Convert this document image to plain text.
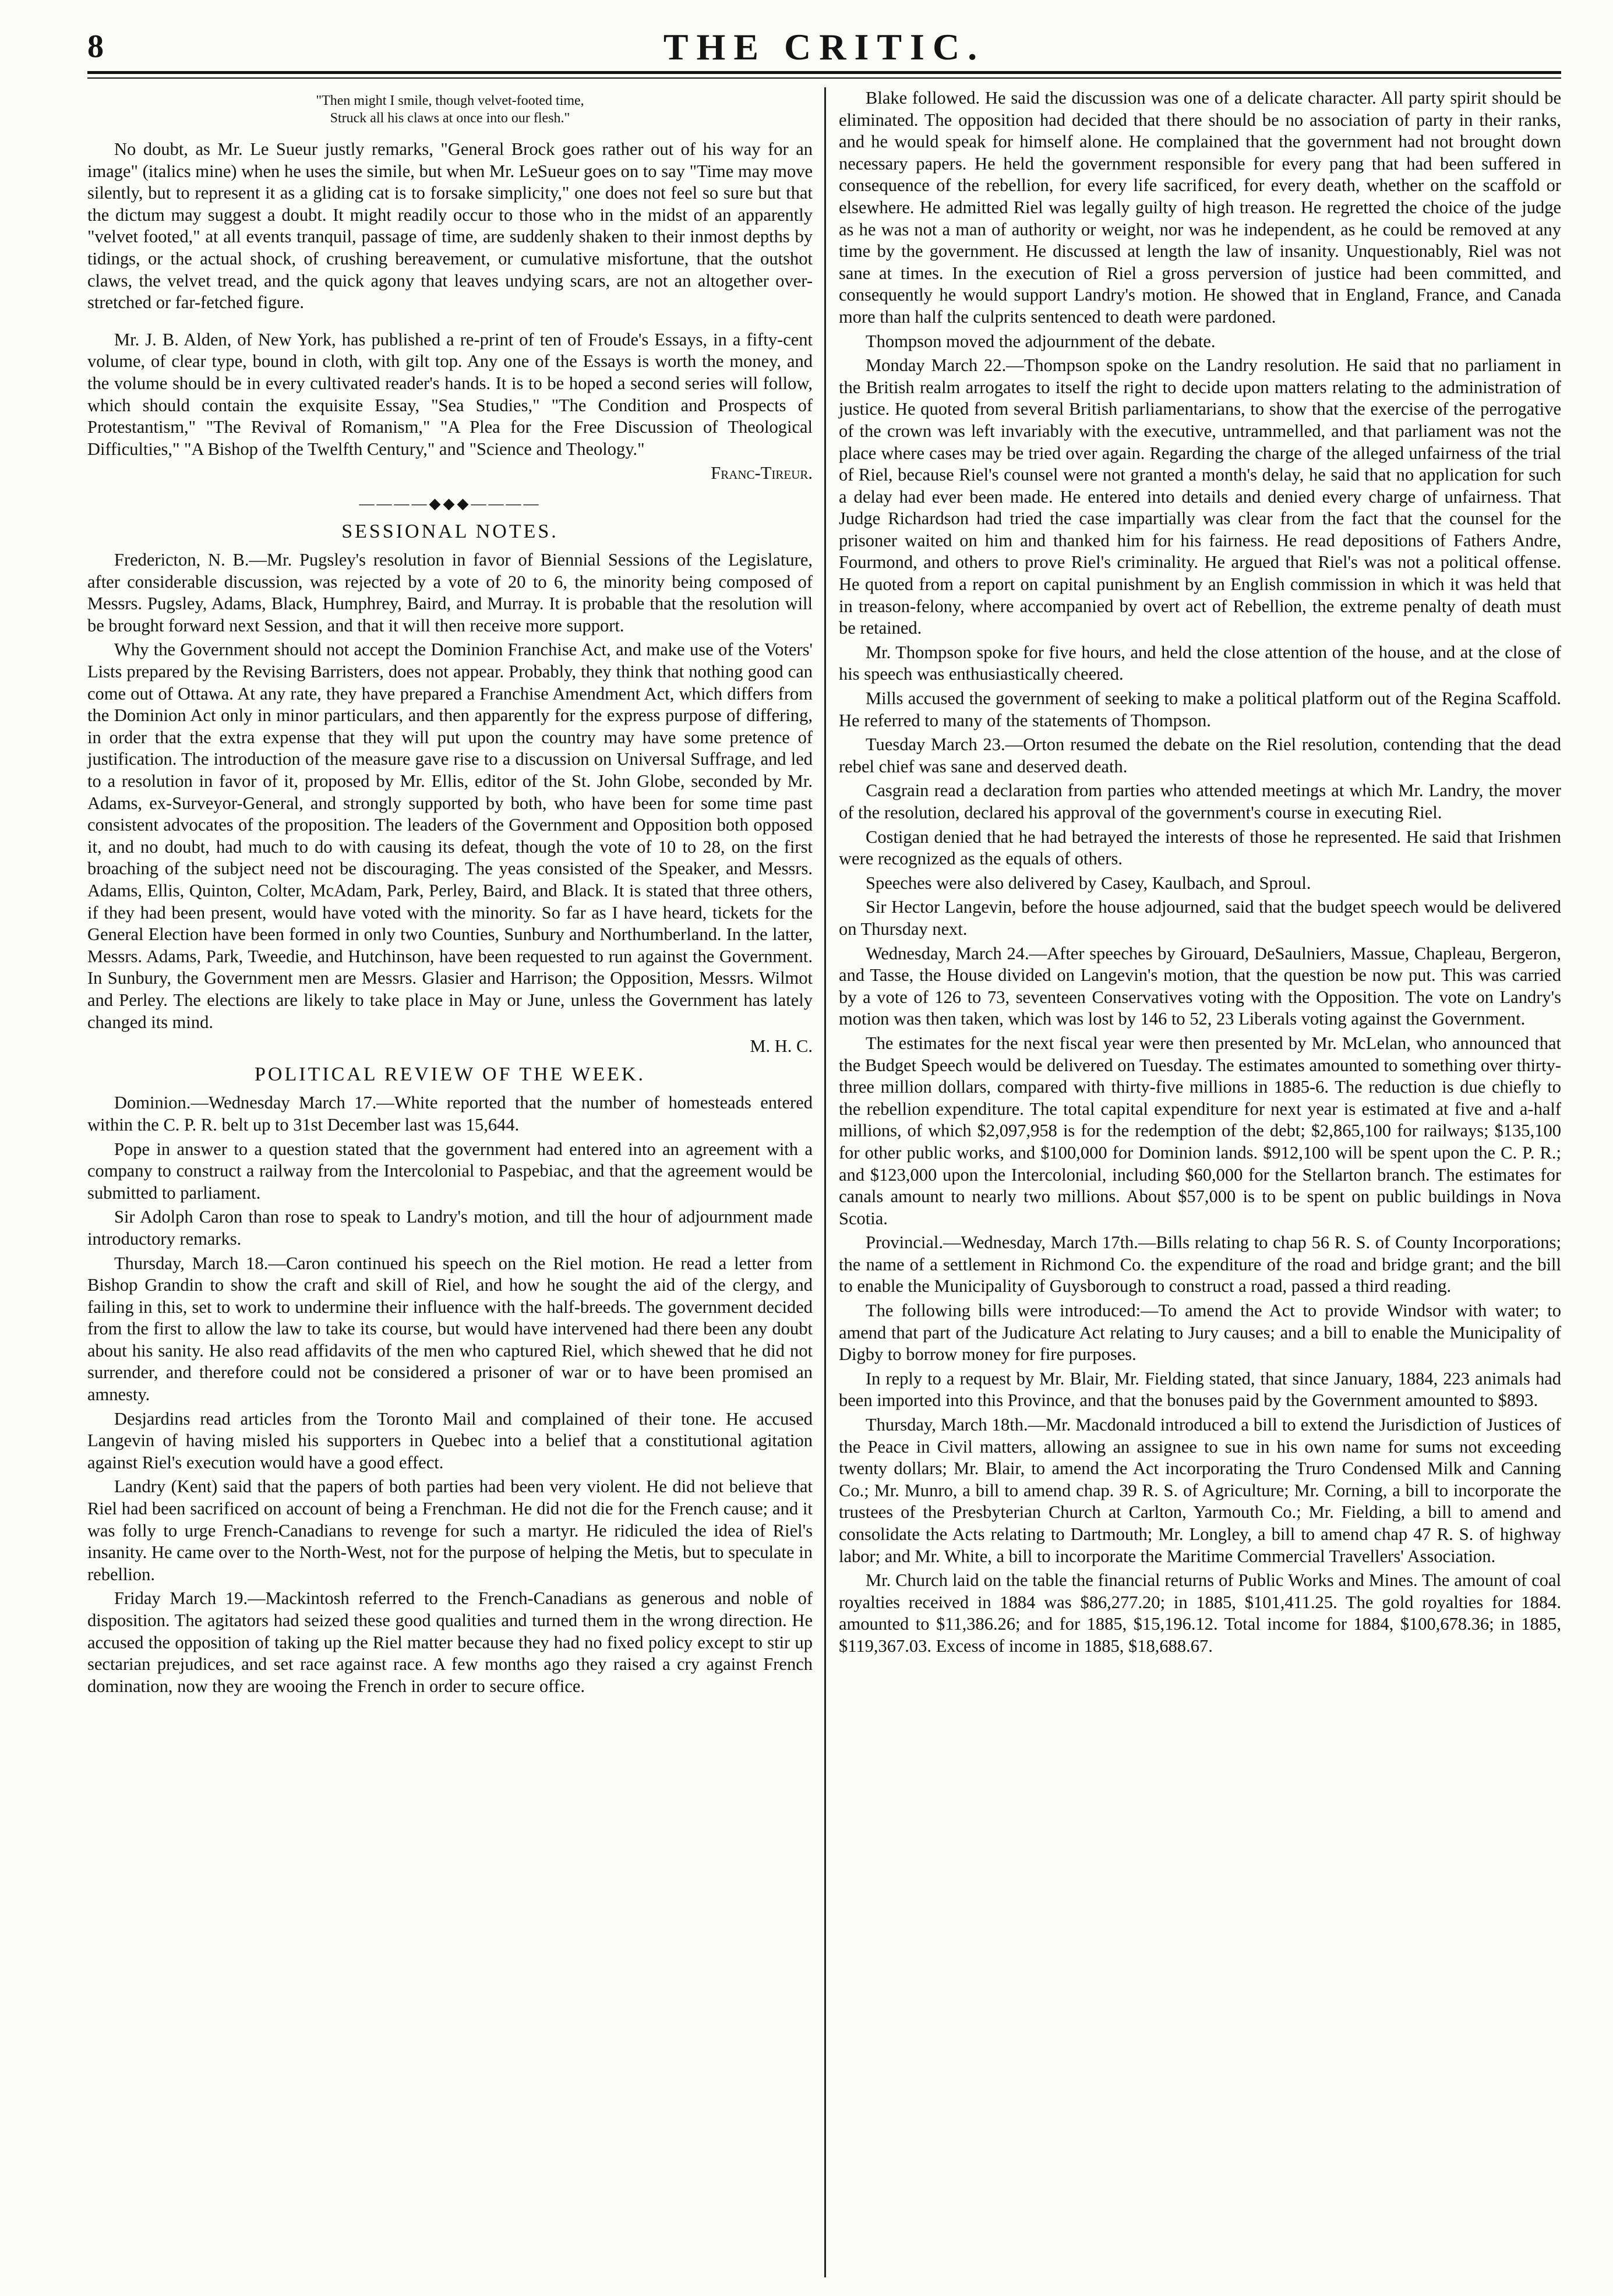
8	THE CRITIC.
"Then might I smile, though velvet-footed time,
Struck all his claws at once into our flesh."

No doubt, as Mr. Le Sueur justly remarks, "General Brock goes rather out of his way for an image" (italics mine) when he uses the simile, but when Mr. LeSueur goes on to say "Time may move silently, but to represent it as a gliding cat is to forsake simplicity," one does not feel so sure but that the dictum may suggest a doubt. It might readily occur to those who in the midst of an apparently "velvet footed," at all events tranquil, passage of time, are suddenly shaken to their inmost depths by tidings, or the actual shock, of crushing bereavement, or cumulative misfortune, that the outshot claws, the velvet tread, and the quick agony that leaves undying scars, are not an altogether over-stretched or far-fetched figure.

Mr. J. B. Alden, of New York, has published a re-print of ten of Froude's Essays, in a fifty-cent volume, of clear type, bound in cloth, with gilt top. Any one of the Essays is worth the money, and the volume should be in every cultivated reader's hands. It is to be hoped a second series will follow, which should contain the exquisite Essay, "Sea Studies," "The Condition and Prospects of Protestantism," "The Revival of Romanism," "A Plea for the Free Discussion of Theological Difficulties," "A Bishop of the Twelfth Century," and "Science and Theology."

Franc-Tireur.

————◆◆◆————
SESSIONAL NOTES.

Fredericton, N. B.—Mr. Pugsley's resolution in favor of Biennial Sessions of the Legislature, after considerable discussion, was rejected by a vote of 20 to 6, the minority being composed of Messrs. Pugsley, Adams, Black, Humphrey, Baird, and Murray. It is probable that the resolution will be brought forward next Session, and that it will then receive more support.

Why the Government should not accept the Dominion Franchise Act, and make use of the Voters' Lists prepared by the Revising Barristers, does not appear. Probably, they think that nothing good can come out of Ottawa. At any rate, they have prepared a Franchise Amendment Act, which differs from the Dominion Act only in minor particulars, and then apparently for the express purpose of differing, in order that the extra expense that they will put upon the country may have some pretence of justification. The introduction of the measure gave rise to a discussion on Universal Suffrage, and led to a resolution in favor of it, proposed by Mr. Ellis, editor of the St. John Globe, seconded by Mr. Adams, ex-Surveyor-General, and strongly supported by both, who have been for some time past consistent advocates of the proposition. The leaders of the Government and Opposition both opposed it, and no doubt, had much to do with causing its defeat, though the vote of 10 to 28, on the first broaching of the subject need not be discouraging. The yeas consisted of the Speaker, and Messrs. Adams, Ellis, Quinton, Colter, McAdam, Park, Perley, Baird, and Black. It is stated that three others, if they had been present, would have voted with the minority. So far as I have heard, tickets for the General Election have been formed in only two Counties, Sunbury and Northumberland. In the latter, Messrs. Adams, Park, Tweedie, and Hutchinson, have been requested to run against the Government. In Sunbury, the Government men are Messrs. Glasier and Harrison; the Opposition, Messrs. Wilmot and Perley. The elections are likely to take place in May or June, unless the Government has lately changed its mind.

M. H. C.

POLITICAL REVIEW OF THE WEEK.

Dominion.—Wednesday March 17.—White reported that the number of homesteads entered within the C. P. R. belt up to 31st December last was 15,644.

Pope in answer to a question stated that the government had entered into an agreement with a company to construct a railway from the Intercolonial to Paspebiac, and that the agreement would be submitted to parliament.

Sir Adolph Caron than rose to speak to Landry's motion, and till the hour of adjournment made introductory remarks.

Thursday, March 18.—Caron continued his speech on the Riel motion. He read a letter from Bishop Grandin to show the craft and skill of Riel, and how he sought the aid of the clergy, and failing in this, set to work to undermine their influence with the half-breeds. The government decided from the first to allow the law to take its course, but would have intervened had there been any doubt about his sanity. He also read affidavits of the men who captured Riel, which shewed that he did not surrender, and therefore could not be considered a prisoner of war or to have been promised an amnesty.

Desjardins read articles from the Toronto Mail and complained of their tone. He accused Langevin of having misled his supporters in Quebec into a belief that a constitutional agitation against Riel's execution would have a good effect.

Landry (Kent) said that the papers of both parties had been very violent. He did not believe that Riel had been sacrificed on account of being a Frenchman. He did not die for the French cause; and it was folly to urge French-Canadians to revenge for such a martyr. He ridiculed the idea of Riel's insanity. He came over to the North-West, not for the purpose of helping the Metis, but to speculate in rebellion.

Friday March 19.—Mackintosh referred to the French-Canadians as generous and noble of disposition. The agitators had seized these good qualities and turned them in the wrong direction. He accused the opposition of taking up the Riel matter because they had no fixed policy except to stir up sectarian prejudices, and set race against race. A few months ago they raised a cry against French domination, now they are wooing the French in order to secure office.

Blake followed. He said the discussion was one of a delicate character. All party spirit should be eliminated. The opposition had decided that there should be no association of party in their ranks, and he would speak for himself alone. He complained that the government had not brought down necessary papers. He held the government responsible for every pang that had been suffered in consequence of the rebellion, for every life sacrificed, for every death, whether on the scaffold or elsewhere. He admitted Riel was legally guilty of high treason. He regretted the choice of the judge as he was not a man of authority or weight, nor was he independent, as he could be removed at any time by the government. He discussed at length the law of insanity. Unquestionably, Riel was not sane at times. In the execution of Riel a gross perversion of justice had been committed, and consequently he would support Landry's motion. He showed that in England, France, and Canada more than half the culprits sentenced to death were pardoned.

Thompson moved the adjournment of the debate.

Monday March 22.—Thompson spoke on the Landry resolution. He said that no parliament in the British realm arrogates to itself the right to decide upon matters relating to the administration of justice. He quoted from several British parliamentarians, to show that the exercise of the perrogative of the crown was left invariably with the executive, untrammelled, and that parliament was not the place where cases may be tried over again. Regarding the charge of the alleged unfairness of the trial of Riel, because Riel's counsel were not granted a month's delay, he said that no application for such a delay had ever been made. He entered into details and denied every charge of unfairness. That Judge Richardson had tried the case impartially was clear from the fact that the counsel for the prisoner waited on him and thanked him for his fairness. He read depositions of Fathers Andre, Fourmond, and others to prove Riel's criminality. He argued that Riel's was not a political offense. He quoted from a report on capital punishment by an English commission in which it was held that in treason-felony, where accompanied by overt act of Rebellion, the extreme penalty of death must be retained.

Mr. Thompson spoke for five hours, and held the close attention of the house, and at the close of his speech was enthusiastically cheered.

Mills accused the government of seeking to make a political platform out of the Regina Scaffold. He referred to many of the statements of Thompson.

Tuesday March 23.—Orton resumed the debate on the Riel resolution, contending that the dead rebel chief was sane and deserved death.

Casgrain read a declaration from parties who attended meetings at which Mr. Landry, the mover of the resolution, declared his approval of the government's course in executing Riel.

Costigan denied that he had betrayed the interests of those he represented. He said that Irishmen were recognized as the equals of others.

Speeches were also delivered by Casey, Kaulbach, and Sproul.

Sir Hector Langevin, before the house adjourned, said that the budget speech would be delivered on Thursday next.

Wednesday, March 24.—After speeches by Girouard, DeSaulniers, Massue, Chapleau, Bergeron, and Tasse, the House divided on Langevin's motion, that the question be now put. This was carried by a vote of 126 to 73, seventeen Conservatives voting with the Opposition. The vote on Landry's motion was then taken, which was lost by 146 to 52, 23 Liberals voting against the Government.

The estimates for the next fiscal year were then presented by Mr. McLelan, who announced that the Budget Speech would be delivered on Tuesday. The estimates amounted to something over thirty-three million dollars, compared with thirty-five millions in 1885-6. The reduction is due chiefly to the rebellion expenditure. The total capital expenditure for next year is estimated at five and a-half millions, of which $2,097,958 is for the redemption of the debt; $2,865,100 for railways; $135,100 for other public works, and $100,000 for Dominion lands. $912,100 will be spent upon the C. P. R.; and $123,000 upon the Intercolonial, including $60,000 for the Stellarton branch. The estimates for canals amount to nearly two millions. About $57,000 is to be spent on public buildings in Nova Scotia.

Provincial.—Wednesday, March 17th.—Bills relating to chap 56 R. S. of County Incorporations; the name of a settlement in Richmond Co. the expenditure of the road and bridge grant; and the bill to enable the Municipality of Guysborough to construct a road, passed a third reading.

The following bills were introduced:—To amend the Act to provide Windsor with water; to amend that part of the Judicature Act relating to Jury causes; and a bill to enable the Municipality of Digby to borrow money for fire purposes.

In reply to a request by Mr. Blair, Mr. Fielding stated, that since January, 1884, 223 animals had been imported into this Province, and that the bonuses paid by the Government amounted to $893.

Thursday, March 18th.—Mr. Macdonald introduced a bill to extend the Jurisdiction of Justices of the Peace in Civil matters, allowing an assignee to sue in his own name for sums not exceeding twenty dollars; Mr. Blair, to amend the Act incorporating the Truro Condensed Milk and Canning Co.; Mr. Munro, a bill to amend chap. 39 R. S. of Agriculture; Mr. Corning, a bill to incorporate the trustees of the Presbyterian Church at Carlton, Yarmouth Co.; Mr. Fielding, a bill to amend and consolidate the Acts relating to Dartmouth; Mr. Longley, a bill to amend chap 47 R. S. of highway labor; and Mr. White, a bill to incorporate the Maritime Commercial Travellers' Association.

Mr. Church laid on the table the financial returns of Public Works and Mines. The amount of coal royalties received in 1884 was $86,277.20; in 1885, $101,411.25. The gold royalties for 1884. amounted to $11,386.26; and for 1885, $15,196.12. Total income for 1884, $100,678.36; in 1885, $119,367.03. Excess of income in 1885, $18,688.67.
